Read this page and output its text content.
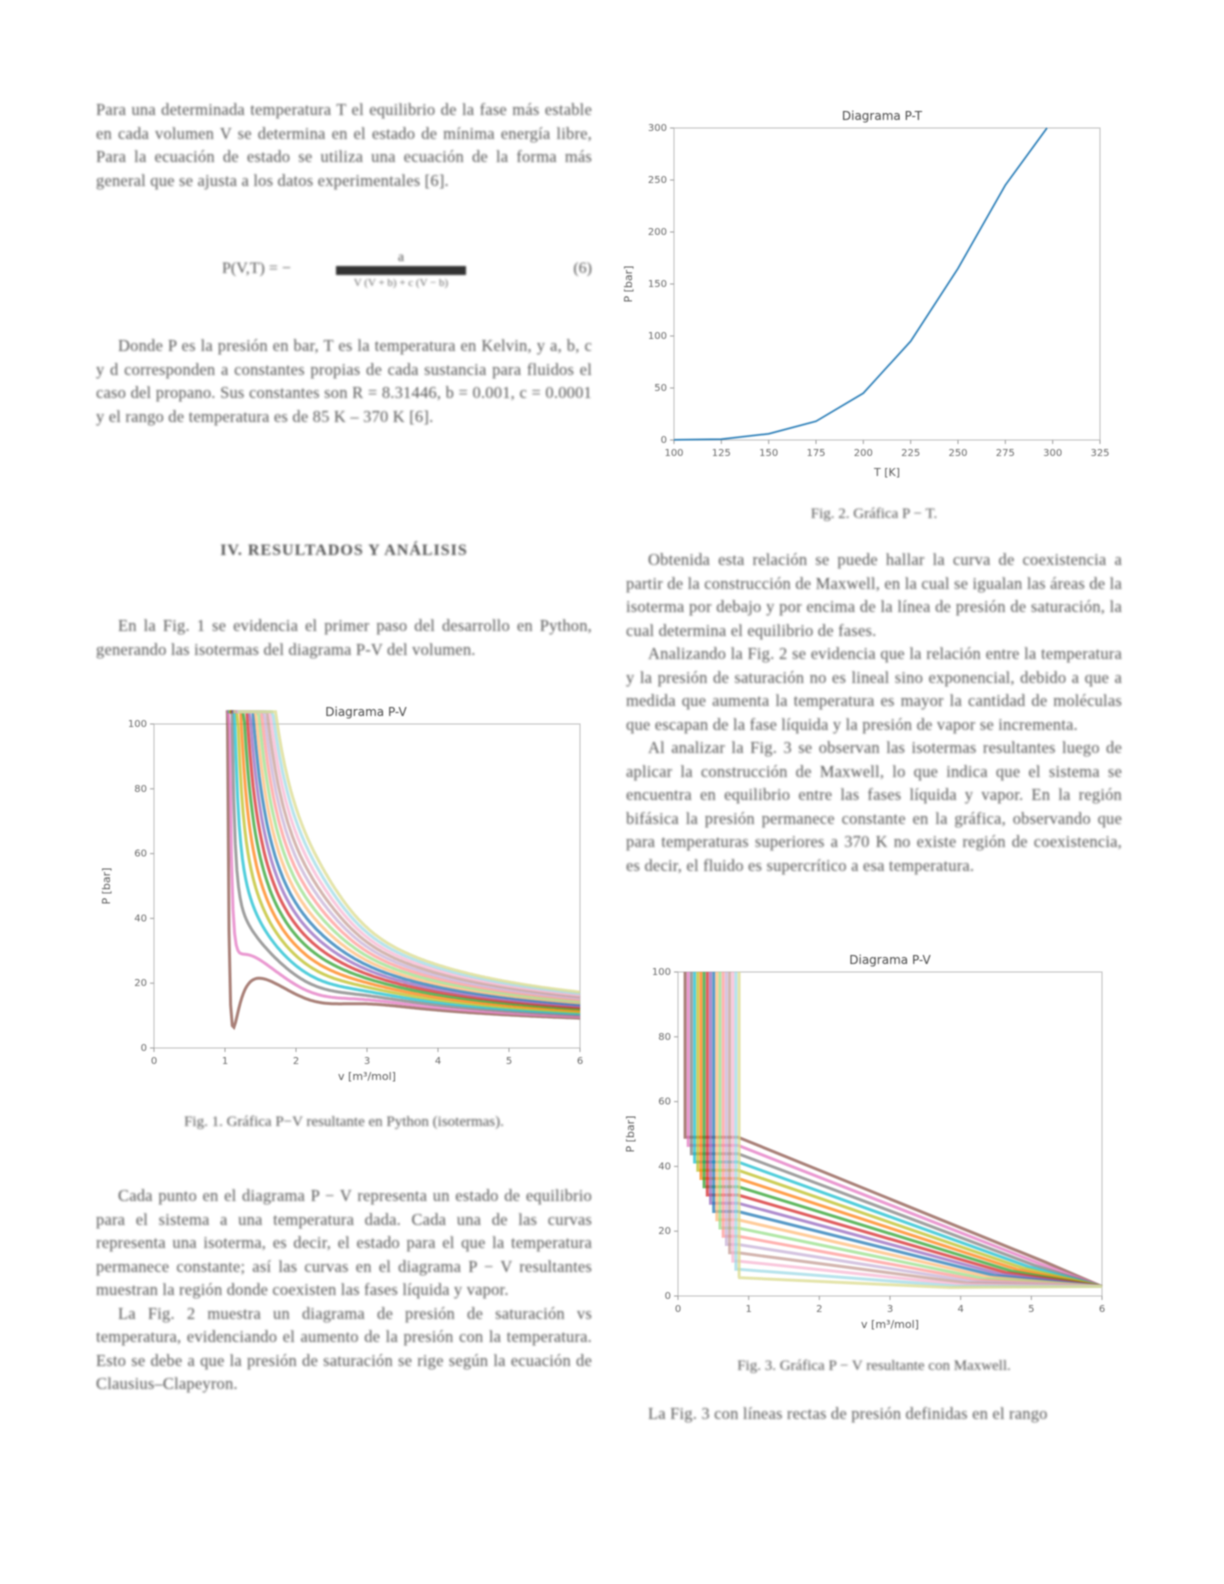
Para una determinada temperatura T el equilibrio de la fase más estable en cada volumen V se determina en el estado de mínima energía libre, Para la ecuación de estado se utiliza una ecuación de la forma más general que se ajusta a los datos experimentales [6].

P(V,T) = −
a
V (V + b) + c (V − b)
(6)

Donde P es la presión en bar, T es la temperatura en Kelvin, y a, b, c y d corresponden a constantes propias de cada sustancia para fluidos el caso del propano. Sus constantes son R = 8.31446, b = 0.001, c = 0.0001 y el rango de temperatura es de 85 K – 370 K [6].

IV. RESULTADOS Y ANÁLISIS

En la Fig. 1 se evidencia el primer paso del desarrollo en Python, generando las isotermas del diagrama P-V del volumen.

Diagrama P-V
0	1	2	3	4	5	6
0
20
40
60
80
100
v [m³/mol]
P [bar]

Fig. 1. Gráfica P−V resultante en Python (isotermas).

Cada punto en el diagrama P − V representa un estado de equilibrio para el sistema a una temperatura dada. Cada una de las curvas representa una isoterma, es decir, el estado para el que la temperatura permanece constante; así las curvas en el diagrama P − V resultantes muestran la región donde coexisten las fases líquida y vapor.

La Fig. 2 muestra un diagrama de presión de saturación vs temperatura, evidenciando el aumento de la presión con la temperatura. Esto se debe a que la presión de saturación se rige según la ecuación de Clausius–Clapeyron.

Diagrama P-T
100	125	150	175	200	225	250	275	300	325
0
50
100
150
200
250
300
T [K]
P [bar]

Fig. 2. Gráfica P − T.

Obtenida esta relación se puede hallar la curva de coexistencia a partir de la construcción de Maxwell, en la cual se igualan las áreas de la isoterma por debajo y por encima de la línea de presión de saturación, la cual determina el equilibrio de fases.

Analizando la Fig. 2 se evidencia que la relación entre la temperatura y la presión de saturación no es lineal sino exponencial, debido a que a medida que aumenta la temperatura es mayor la cantidad de moléculas que escapan de la fase líquida y la presión de vapor se incrementa.

Al analizar la Fig. 3 se observan las isotermas resultantes luego de aplicar la construcción de Maxwell, lo que indica que el sistema se encuentra en equilibrio entre las fases líquida y vapor. En la región bifásica la presión permanece constante en la gráfica, observando que para temperaturas superiores a 370 K no existe región de coexistencia, es decir, el fluido es supercrítico a esa temperatura.

Diagrama P-V
0	1	2	3	4	5	6
0
20
40
60
80
100
v [m³/mol]
P [bar]

Fig. 3. Gráfica P − V resultante con Maxwell.

La Fig. 3 con líneas rectas de presión definidas en el rango
